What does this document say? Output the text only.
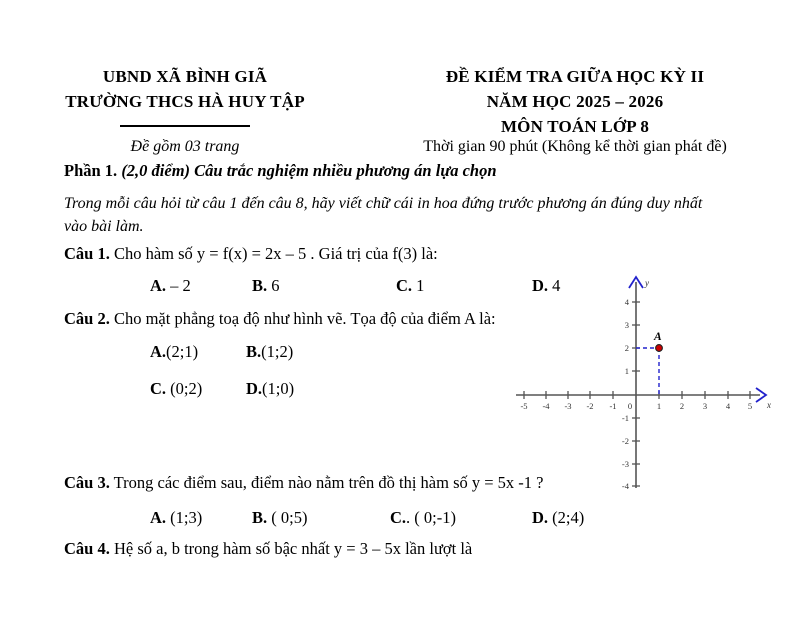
UBND XÃ BÌNH GIÃ
TRƯỜNG THCS HÀ HUY TẬP
ĐỀ KIỂM TRA GIỮA HỌC KỲ II
NĂM HỌC 2025 – 2026
MÔN TOÁN LỚP 8
Đề gồm 03 trang	Thời gian 90 phút (Không kể thời gian phát đề)
Phần 1. (2,0 điểm) Câu trắc nghiệm nhiều phương án lựa chọn
Trong mỗi câu hỏi từ câu 1 đến câu 8, hãy viết chữ cái in hoa đứng trước phương án đúng duy nhất vào bài làm.
Câu 1. Cho hàm số y = f(x) = 2x – 5 . Giá trị của f(3) là:
A. – 2	B. 6	C. 1	D. 4
Câu 2. Cho mặt phẳng toạ độ như hình vẽ. Tọa độ của điểm A là:
A.(2;1)	B.(1;2)
C. (0;2)	D.(1;0)
x
y
-5 -4 -3 -2 -1 0	1 2 3 4 5
4
3
2
1
-1
-2
-3
-4
A
Câu 3. Trong các điểm sau, điểm nào nằm trên đồ thị hàm số y = 5x -1 ?
A. (1;3)	B. ( 0;5)	C.. ( 0;-1)	D. (2;4)
Câu 4. Hệ số a, b trong hàm số bậc nhất y = 3 – 5x lần lượt là
